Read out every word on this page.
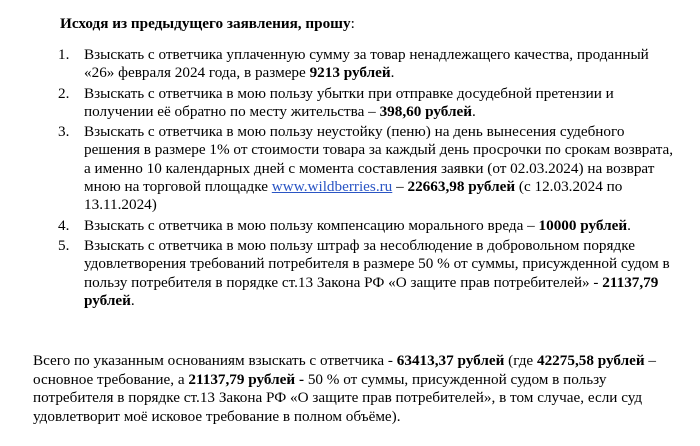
Исходя из предыдущего заявления, прошу:
1. Взыскать с ответчика уплаченную сумму за товар ненадлежащего качества, проданный
«26» февраля 2024 года, в размере 9213 рублей.
2. Взыскать с ответчика в мою пользу убытки при отправке досудебной претензии и
получении её обратно по месту жительства – 398,60 рублей.
3. Взыскать с ответчика в мою пользу неустойку (пеню) на день вынесения судебного
решения в размере 1% от стоимости товара за каждый день просрочки по срокам возврата,
а именно 10 календарных дней с момента составления заявки (от 02.03.2024) на возврат
мною на торговой площадке www.wildberries.ru – 22663,98 рублей (с 12.03.2024 по
13.11.2024)
4. Взыскать с ответчика в мою пользу компенсацию морального вреда – 10000 рублей.
5. Взыскать с ответчика в мою пользу штраф за несоблюдение в добровольном порядке
удовлетворения требований потребителя в размере 50 % от суммы, присужденной судом в
пользу потребителя в порядке ст.13 Закона РФ «О защите прав потребителей» - 21137,79
рублей.
Всего по указанным основаниям взыскать с ответчика - 63413,37 рублей (где 42275,58 рублей –
основное требование, а 21137,79 рублей - 50 % от суммы, присужденной судом в пользу
потребителя в порядке ст.13 Закона РФ «О защите прав потребителей», в том случае, если суд
удовлетворит моё исковое требование в полном объёме).
